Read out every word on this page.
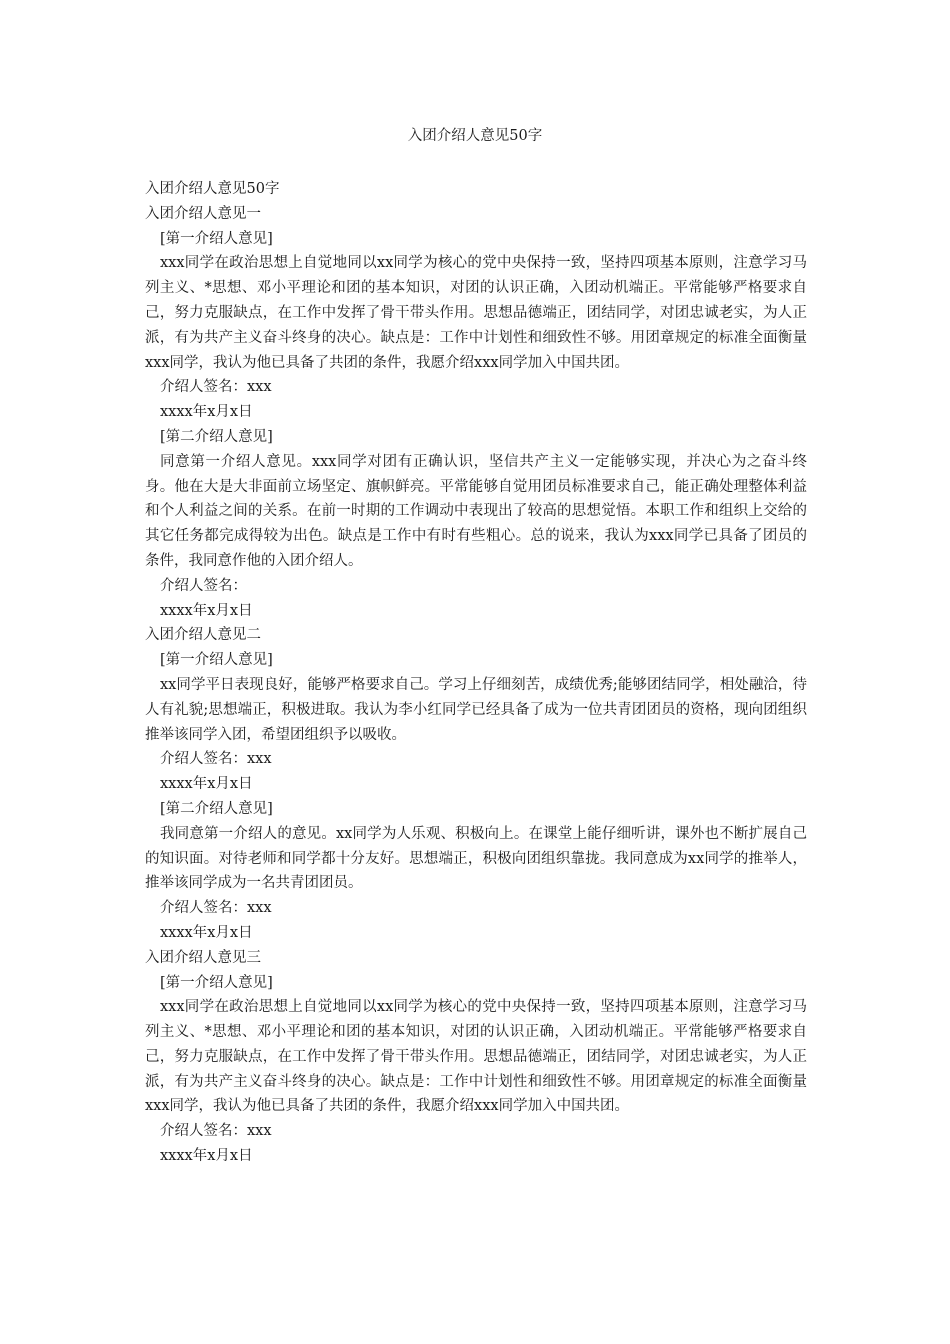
入团介绍人意见50字

入团介绍人意见50字

入团介绍人意见一

[第一介绍人意见]

xxx同学在政治思想上自觉地同以xx同学为核心的党中央保持一致，坚持四项基本原则，注意学习马列主义、*思想、邓小平理论和团的基本知识，对团的认识正确，入团动机端正。平常能够严格要求自己，努力克服缺点，在工作中发挥了骨干带头作用。思想品德端正，团结同学，对团忠诚老实，为人正派，有为共产主义奋斗终身的决心。缺点是：工作中计划性和细致性不够。用团章规定的标准全面衡量xxx同学，我认为他已具备了共团的条件，我愿介绍xxx同学加入中国共团。

介绍人签名：xxx

xxxx年x月x日

[第二介绍人意见]

同意第一介绍人意见。xxx同学对团有正确认识，坚信共产主义一定能够实现，并决心为之奋斗终身。他在大是大非面前立场坚定、旗帜鲜亮。平常能够自觉用团员标准要求自己，能正确处理整体利益和个人利益之间的关系。在前一时期的工作调动中表现出了较高的思想觉悟。本职工作和组织上交给的其它任务都完成得较为出色。缺点是工作中有时有些粗心。总的说来，我认为xxx同学已具备了团员的条件，我同意作他的入团介绍人。

介绍人签名：

xxxx年x月x日

入团介绍人意见二

[第一介绍人意见]

xx同学平日表现良好，能够严格要求自己。学习上仔细刻苦，成绩优秀;能够团结同学，相处融洽，待人有礼貌;思想端正，积极进取。我认为李小红同学已经具备了成为一位共青团团员的资格，现向团组织推举该同学入团，希望团组织予以吸收。

介绍人签名：xxx

xxxx年x月x日

[第二介绍人意见]

我同意第一介绍人的意见。xx同学为人乐观、积极向上。在课堂上能仔细听讲，课外也不断扩展自己的知识面。对待老师和同学都十分友好。思想端正，积极向团组织靠拢。我同意成为xx同学的推举人，推举该同学成为一名共青团团员。

介绍人签名：xxx

xxxx年x月x日

入团介绍人意见三

[第一介绍人意见]

xxx同学在政治思想上自觉地同以xx同学为核心的党中央保持一致，坚持四项基本原则，注意学习马列主义、*思想、邓小平理论和团的基本知识，对团的认识正确，入团动机端正。平常能够严格要求自己，努力克服缺点，在工作中发挥了骨干带头作用。思想品德端正，团结同学，对团忠诚老实，为人正派，有为共产主义奋斗终身的决心。缺点是：工作中计划性和细致性不够。用团章规定的标准全面衡量xxx同学，我认为他已具备了共团的条件，我愿介绍xxx同学加入中国共团。

介绍人签名：xxx

xxxx年x月x日
